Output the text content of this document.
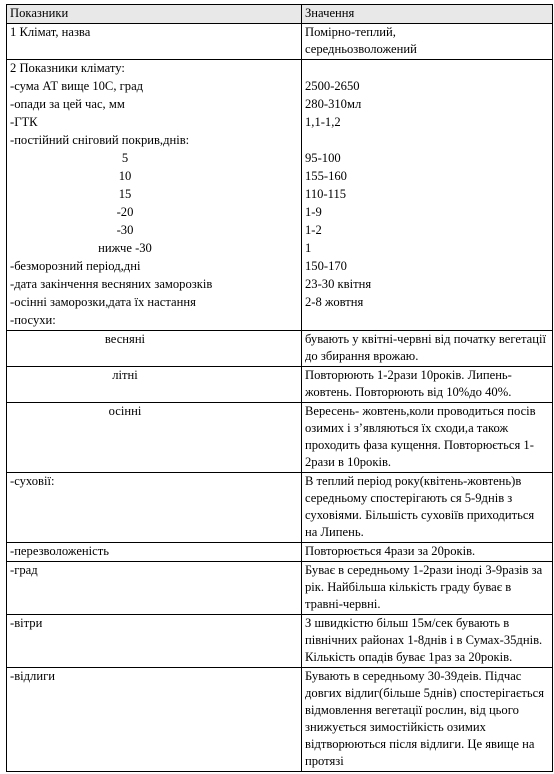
Показники	Значення
1 Клімат, назва	Помірно-теплий,
середньозволожений

2 Показники клімату:	
-сума АТ вище 10С, град	2500-2650
-опади за цей час, мм	280-310мл
-ГТК	1,1-1,2
-постійний сніговий покрив,днів:	

5	95-100

10	155-160

15	110-115

-20	1-9

-30	1-2

нижче -30	1
-безморозний період,дні	150-170
-дата закінчення весняних заморозків	23-30 квітня
-осінні заморозки,дата їх настання	2-8 жовтня
-посухи:	

весняні	бувають у квітні-червні від початку вегетації до збирання врожаю.

літні	Повторюють 1-2рази 10років. Липень-жовтень. Повторюють від 10%до 40%.

осінні	Вересень- жовтень,коли проводиться посів озимих і з’являються їх сходи,а також проходить фаза кущення. Повторюється 1-2рази в 10років.
-суховії:	В теплий період року(квітень-жовтень)в середньому спостерігають ся 5-9днів з суховіями. Більшість суховіїв приходиться на Липень.
-перезволоженість	Повторюється 4рази за 20років.
-град	Буває в середньому 1-2рази іноді 3-9разів за рік. Найбільша кількість граду буває в травні-червні.
-вітри	З швидкістю більш 15м/сек бувають в північних районах 1-8днів і в Сумах-35днів. Кількість опадів буває 1раз за 20років.
-відлиги	Бувають в середньому 30-39деів. Підчас довгих відлиг(більше 5днів) спостерігається відмовлення вегетації рослин, від цього знижується зимостійкість озимих відтворюються після відлиги. Це явище на протязі
